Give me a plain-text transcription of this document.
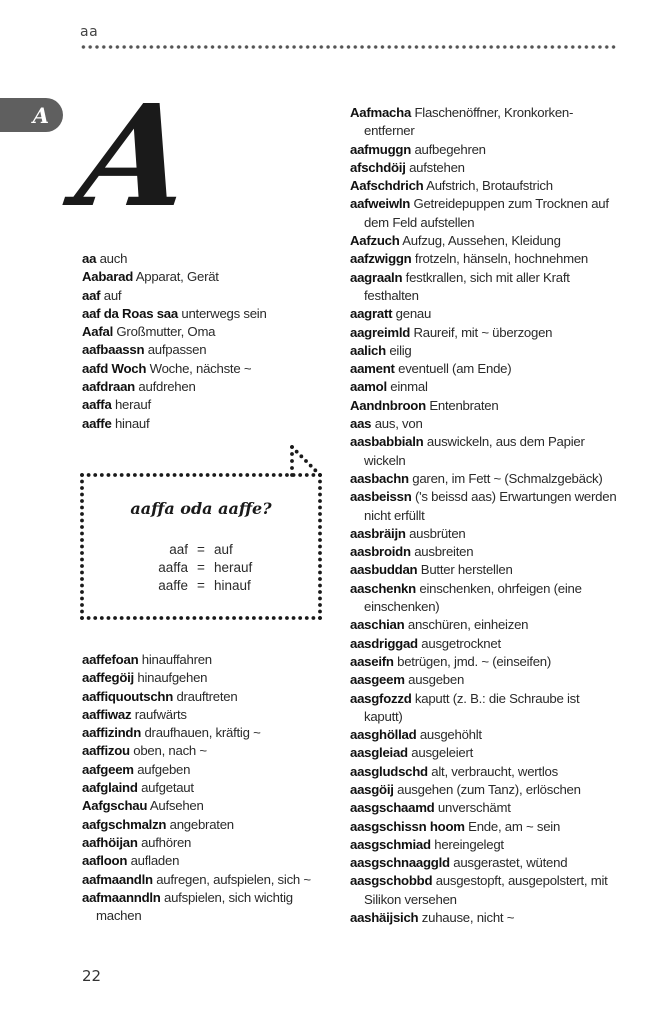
aa
A A

aa auch

Aabarad Apparat, Gerät

aaf auf

aaf da Roas saa unterwegs sein

Aafal Großmutter, Oma

aafbaassn aufpassen

aafd Woch Woche, nächste ~

aafdraan aufdrehen

aaffa herauf

aaffe hinauf

aaffa oda aaffe?
aaf = auf
aaffa = herauf
aaffe = hinauf

aaffefoan hinauffahren

aaffegöij hinaufgehen

aaffiquoutschn drauftreten

aaffiwaz raufwärts

aaffizindn draufhauen, kräftig ~

aaffizou oben, nach ~

aafgeem aufgeben

aafglaind aufgetaut

Aafgschau Aufsehen

aafgschmalzn angebraten

aafhöijan aufhören

aafloon aufladen

aafmaandln aufregen, aufspielen, sich ~

aafmaanndln aufspielen, sich wichtig machen

Aafmacha Flaschenöffner, Kronkorken-entferner

aafmuggn aufbegehren

afschdöij aufstehen

Aafschdrich Aufstrich, Brotaufstrich

aafweiwln Getreidepuppen zum Trocknen auf dem Feld aufstellen

Aafzuch Aufzug, Aussehen, Kleidung

aafzwiggn frotzeln, hänseln, hochnehmen

aagraaln festkrallen, sich mit aller Kraft festhalten

aagratt genau

aagreimld Raureif, mit ~ überzogen

aalich eilig

aament eventuell (am Ende)

aamol einmal

Aandnbroon Entenbraten

aas aus, von

aasbabbialn auswickeln, aus dem Papier wickeln

aasbachn garen, im Fett ~ (Schmalzgebäck)

aasbeissn ('s beissd aas) Erwartungen werden nicht erfüllt

aasbräijn ausbrüten

aasbroidn ausbreiten

aasbuddan Butter herstellen

aaschenkn einschenken, ohrfeigen (eine einschenken)

aaschian anschüren, einheizen

aasdriggad ausgetrocknet

aaseifn betrügen, jmd. ~ (einseifen)

aasgeem ausgeben

aasgfozzd kaputt (z. B.: die Schraube ist kaputt)

aasghöllad ausgehöhlt

aasgleiad ausgeleiert

aasgludschd alt, verbraucht, wertlos

aasgöij ausgehen (zum Tanz), erlöschen

aasgschaamd unverschämt

aasgschissn hoom Ende, am ~ sein

aasgschmiad hereingelegt

aasgschnaaggld ausgerastet, wütend

aasgschobbd ausgestopft, ausgepolstert, mit Silikon versehen

aashäijsich zuhause, nicht ~

22
